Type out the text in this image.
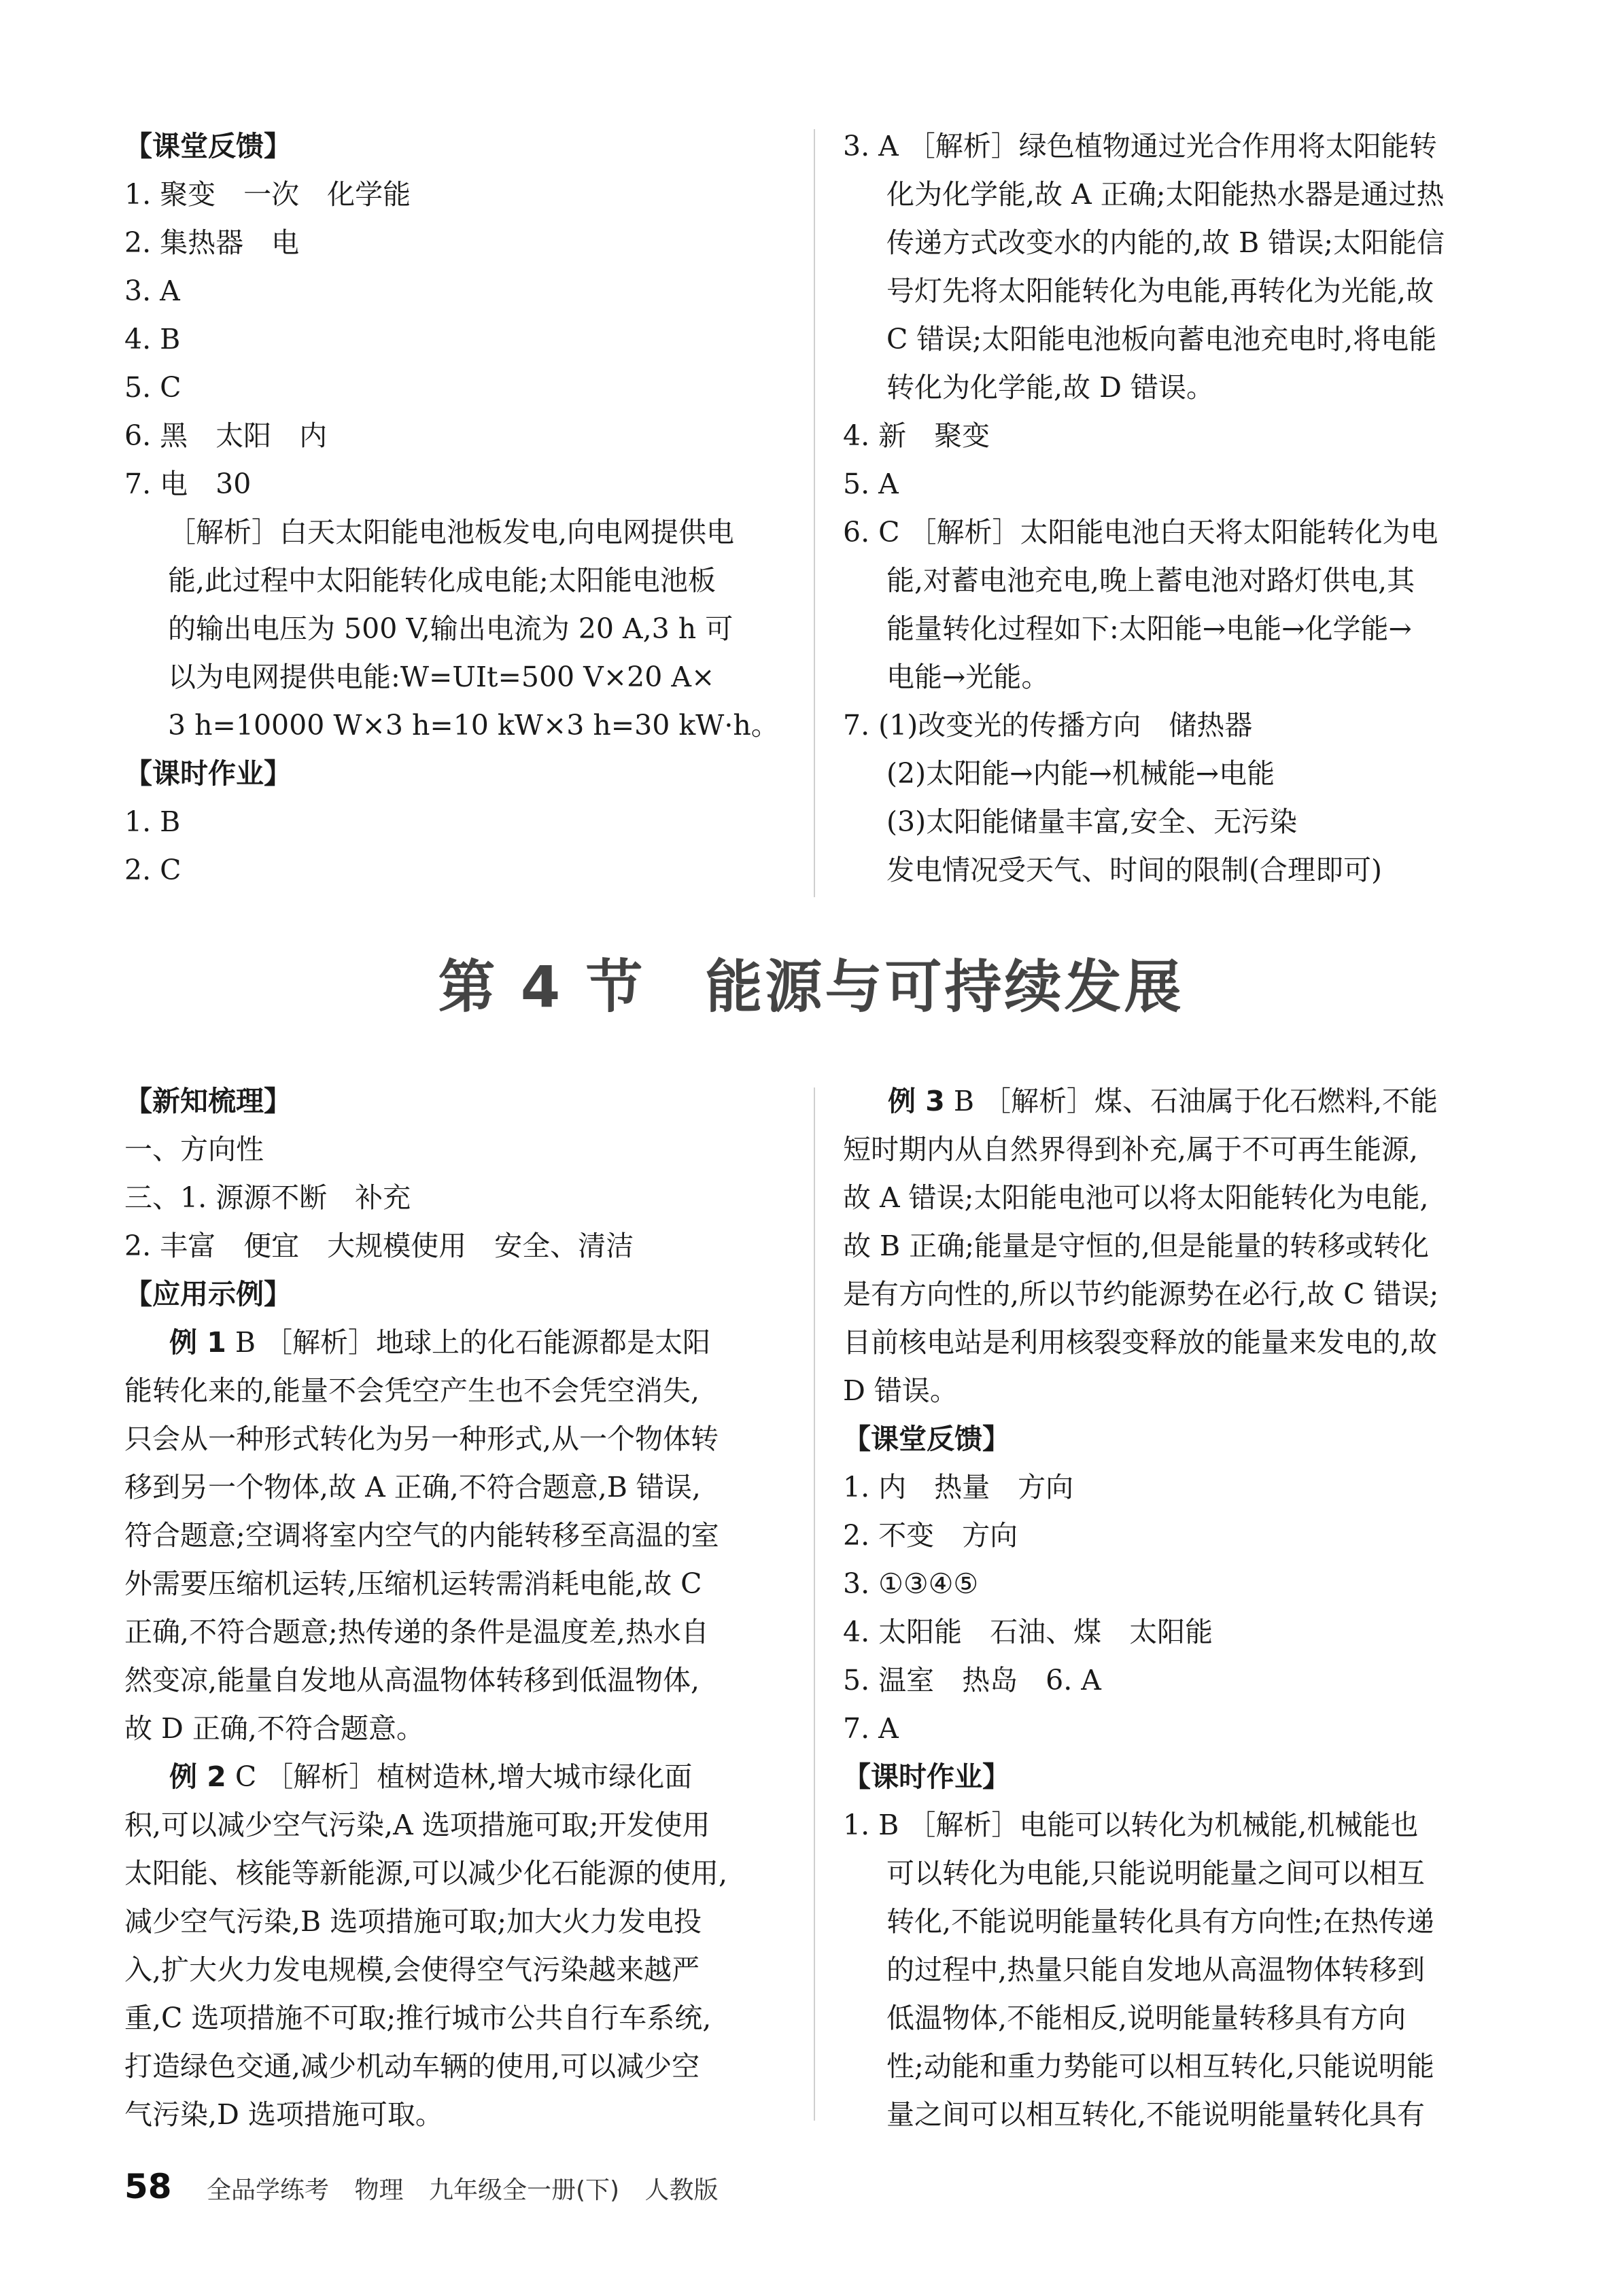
【课堂反馈】

1. 聚变　一次　化学能

2. 集热器　电

3. A

4. B

5. C

6. 黑　太阳　内

7. 电　30

［解析］白天太阳能电池板发电,向电网提供电

能,此过程中太阳能转化成电能;太阳能电池板

的输出电压为 500 V,输出电流为 20 A,3 h 可

以为电网提供电能:W=UIt=500 V×20 A×

3 h=10000 W×3 h=10 kW×3 h=30 kW·h。

【课时作业】

1. B

2. C

3. A ［解析］绿色植物通过光合作用将太阳能转

化为化学能,故 A 正确;太阳能热水器是通过热

传递方式改变水的内能的,故 B 错误;太阳能信

号灯先将太阳能转化为电能,再转化为光能,故

C 错误;太阳能电池板向蓄电池充电时,将电能

转化为化学能,故 D 错误。

4. 新　聚变

5. A

6. C ［解析］太阳能电池白天将太阳能转化为电

能,对蓄电池充电,晚上蓄电池对路灯供电,其

能量转化过程如下:太阳能→电能→化学能→

电能→光能。

7. (1)改变光的传播方向　储热器

(2)太阳能→内能→机械能→电能

(3)太阳能储量丰富,安全、无污染

发电情况受天气、时间的限制(合理即可)

第 4 节　能源与可持续发展

【新知梳理】

一、方向性

三、1. 源源不断　补充

2. 丰富　便宜　大规模使用　安全、清洁

【应用示例】

例 1 B ［解析］地球上的化石能源都是太阳

能转化来的,能量不会凭空产生也不会凭空消失,

只会从一种形式转化为另一种形式,从一个物体转

移到另一个物体,故 A 正确,不符合题意,B 错误,

符合题意;空调将室内空气的内能转移至高温的室

外需要压缩机运转,压缩机运转需消耗电能,故 C

正确,不符合题意;热传递的条件是温度差,热水自

然变凉,能量自发地从高温物体转移到低温物体,

故 D 正确,不符合题意。

例 2 C ［解析］植树造林,增大城市绿化面

积,可以减少空气污染,A 选项措施可取;开发使用

太阳能、核能等新能源,可以减少化石能源的使用,

减少空气污染,B 选项措施可取;加大火力发电投

入,扩大火力发电规模,会使得空气污染越来越严

重,C 选项措施不可取;推行城市公共自行车系统,

打造绿色交通,减少机动车辆的使用,可以减少空

气污染,D 选项措施可取。

例 3 B ［解析］煤、石油属于化石燃料,不能

短时期内从自然界得到补充,属于不可再生能源,

故 A 错误;太阳能电池可以将太阳能转化为电能,

故 B 正确;能量是守恒的,但是能量的转移或转化

是有方向性的,所以节约能源势在必行,故 C 错误;

目前核电站是利用核裂变释放的能量来发电的,故

D 错误。

【课堂反馈】

1. 内　热量　方向

2. 不变　方向

3. ①③④⑤

4. 太阳能　石油、煤　太阳能

5. 温室　热岛　6. A

7. A

【课时作业】

1. B ［解析］电能可以转化为机械能,机械能也

可以转化为电能,只能说明能量之间可以相互

转化,不能说明能量转化具有方向性;在热传递

的过程中,热量只能自发地从高温物体转移到

低温物体,不能相反,说明能量转移具有方向

性;动能和重力势能可以相互转化,只能说明能

量之间可以相互转化,不能说明能量转化具有

58 全品学练考 物理 九年级全一册(下) 人教版
